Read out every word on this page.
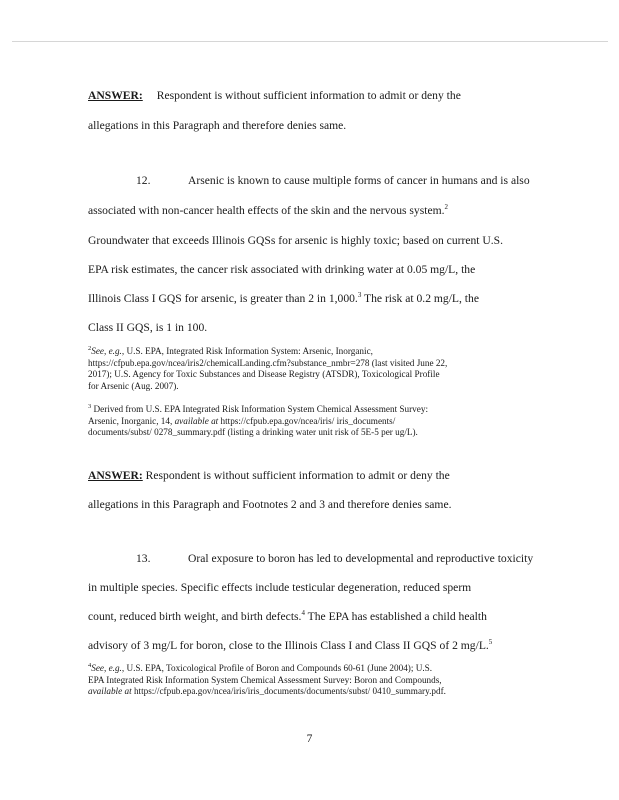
ANSWER: Respondent is without sufficient information to admit or deny the
allegations in this Paragraph and therefore denies same.
12.	Arsenic is known to cause multiple forms of cancer in humans and is also
associated with non-cancer health effects of the skin and the nervous system.$^2$
Groundwater that exceeds Illinois GQSs for arsenic is highly toxic; based on current U.S.
EPA risk estimates, the cancer risk associated with drinking water at 0.05 mg/L, the
Illinois Class I GQS for arsenic, is greater than 2 in 1,000.$^3$ The risk at 0.2 mg/L, the
Class II GQS, is 1 in 100.
$^2$See, e.g., U.S. EPA, Integrated Risk Information System: Arsenic, Inorganic,
https://cfpub.epa.gov/ncea/iris2/chemicalLanding.cfm?substance_nmbr=278 (last visited June 22,
2017); U.S. Agency for Toxic Substances and Disease Registry (ATSDR), Toxicological Profile
for Arsenic (Aug. 2007).
$^3$ Derived from U.S. EPA Integrated Risk Information System Chemical Assessment Survey:
Arsenic, Inorganic, 14, available at https://cfpub.epa.gov/ncea/iris/ iris_documents/
documents/subst/ 0278_summary.pdf (listing a drinking water unit risk of 5E-5 per ug/L).
ANSWER: Respondent is without sufficient information to admit or deny the
allegations in this Paragraph and Footnotes 2 and 3 and therefore denies same.
13.	Oral exposure to boron has led to developmental and reproductive toxicity
in multiple species. Specific effects include testicular degeneration, reduced sperm
count, reduced birth weight, and birth defects.$^4$ The EPA has established a child health
advisory of 3 mg/L for boron, close to the Illinois Class I and Class II GQS of 2 mg/L.$^5$
$^4$See, e.g., U.S. EPA, Toxicological Profile of Boron and Compounds 60-61 (June 2004); U.S.
EPA Integrated Risk Information System Chemical Assessment Survey: Boron and Compounds,
available at https://cfpub.epa.gov/ncea/iris/iris_documents/documents/subst/ 0410_summary.pdf.
7
